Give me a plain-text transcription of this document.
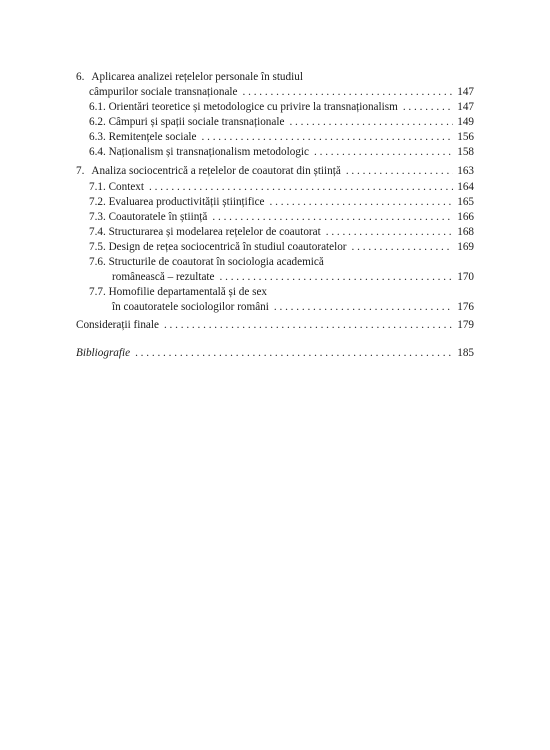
6. Aplicarea analizei rețelelor personale în studiul
câmpurilor sociale transnaționale . . .	147
6.1. Orientări teoretice și metodologice cu privire la transnaționalism . . .	147
6.2. Câmpuri și spații sociale transnaționale . . .	149
6.3. Remitențele sociale . . .	156
6.4. Naționalism și transnaționalism metodologic . . .	158
7. Analiza sociocentrică a rețelelor de coautorat din știință . . .	163
7.1. Context . . .	164
7.2. Evaluarea productivității științifice . . .	165
7.3. Coautoratele în știință . . .	166
7.4. Structurarea și modelarea rețelelor de coautorat . . .	168
7.5. Design de rețea sociocentrică în studiul coautoratelor . . .	169
7.6. Structurile de coautorat în sociologia academică
românească – rezultate . . .	170
7.7. Homofilie departamentală și de sex
în coautoratele sociologilor români . . .	176
Considerații finale . . .	179
Bibliografie . . .	185
